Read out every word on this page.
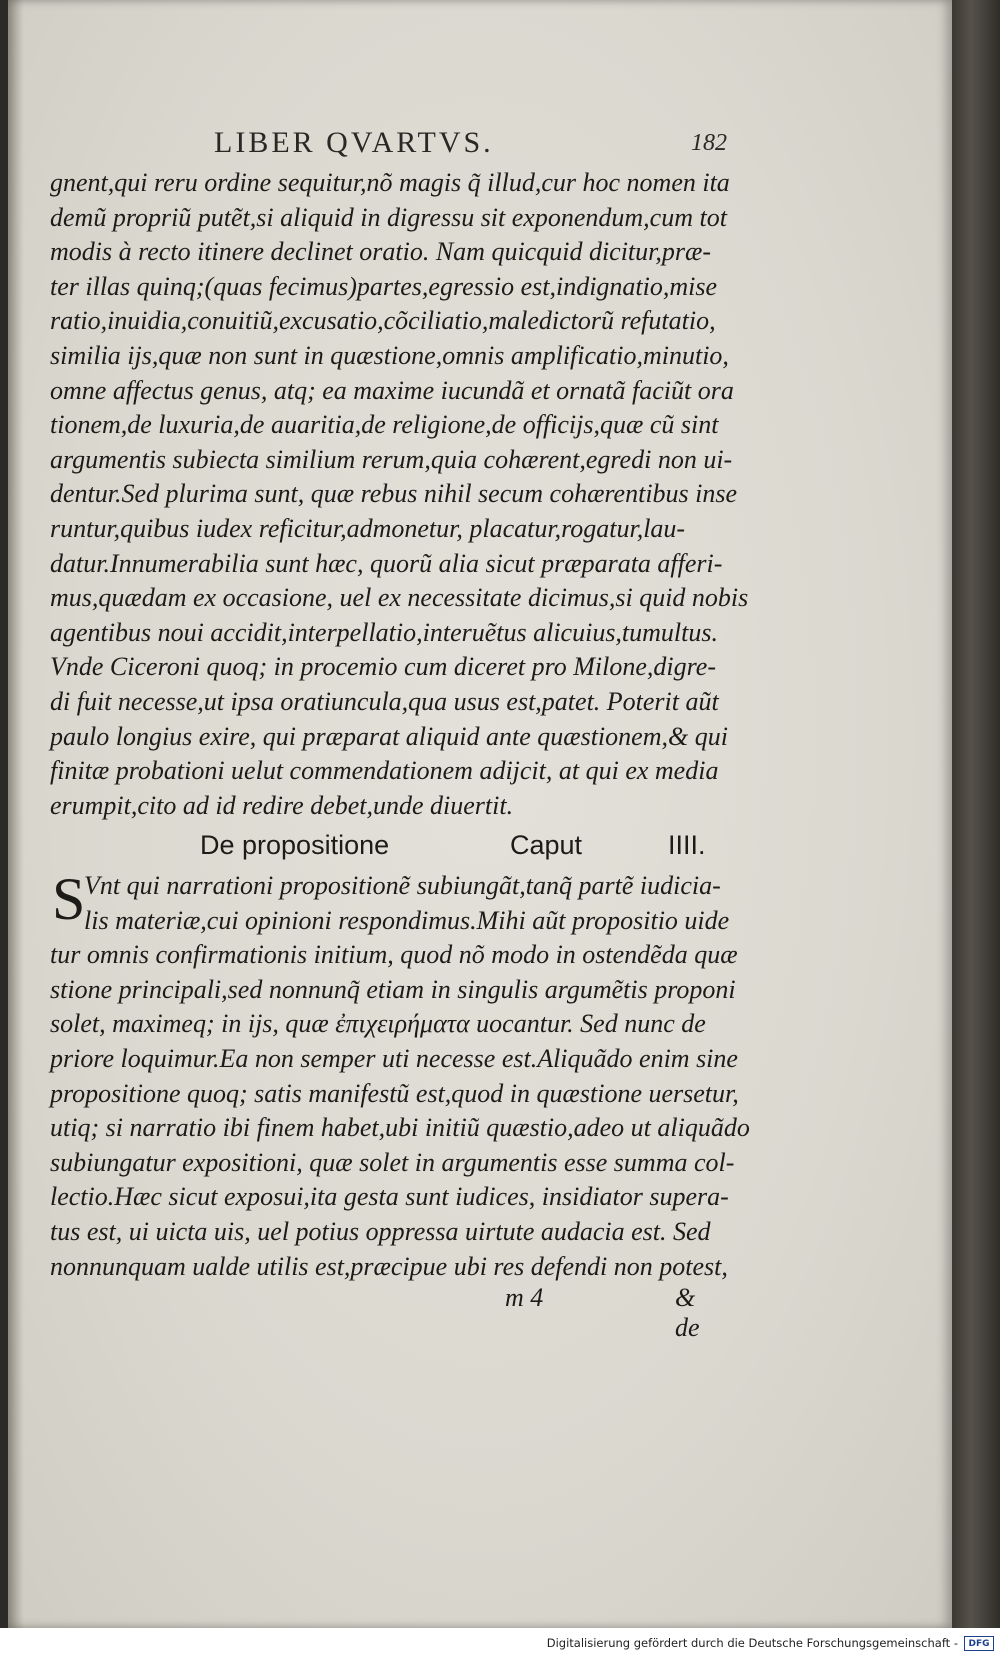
LIBER QVARTVS.	182
gnent,qui reru ordine sequitur,nõ magis q̃ illud,cur hoc nomen ita
demũ propriũ putẽt,si aliquid in digressu sit exponendum,cum tot
modis à recto itinere declinet oratio. Nam quicquid dicitur,præ-
ter illas quinq;(quas fecimus)partes,egressio est,indignatio,mise
ratio,inuidia,conuitiũ,excusatio,cõciliatio,maledictorũ refutatio,
similia ijs,quæ non sunt in quæstione,omnis amplificatio,minutio,
omne affectus genus, atq; ea maxime iucundã et ornatã faciũt ora
tionem,de luxuria,de auaritia,de religione,de officijs,quæ cũ sint
argumentis subiecta similium rerum,quia cohærent,egredi non ui-
dentur.Sed plurima sunt, quæ rebus nihil secum cohærentibus inse
runtur,quibus iudex reficitur,admonetur, placatur,rogatur,lau-
datur.Innumerabilia sunt hæc, quorũ alia sicut præparata afferi-
mus,quædam ex occasione, uel ex necessitate dicimus,si quid nobis
agentibus noui accidit,interpellatio,interuẽtus alicuius,tumultus.
Vnde Ciceroni quoq; in procemio cum diceret pro Milone,digre-
di fuit necesse,ut ipsa oratiuncula,qua usus est,patet. Poterit aũt
paulo longius exire, qui præparat aliquid ante quæstionem,& qui
finitæ probationi uelut commendationem adijcit, at qui ex media
erumpit,cito ad id redire debet,unde diuertit.
De propositione	Caput	IIII.
S
Vnt qui narrationi propositionẽ subiungãt,tanq̃ partẽ iudicia-
lis materiæ,cui opinioni respondimus.Mihi aũt propositio uide
tur omnis confirmationis initium, quod nõ modo in ostendẽda quæ
stione principali,sed nonnunq̃ etiam in singulis argumẽtis proponi
solet, maximeq; in ijs, quæ ἐπιχειρήματα uocantur. Sed nunc de
priore loquimur.Ea non semper uti necesse est.Aliquãdo enim sine
propositione quoq; satis manifestũ est,quod in quæstione uersetur,
utiq; si narratio ibi finem habet,ubi initiũ quæstio,adeo ut aliquãdo
subiungatur expositioni, quæ solet in argumentis esse summa col-
lectio.Hæc sicut exposui,ita gesta sunt iudices, insidiator supera-
tus est, ui uicta uis, uel potius oppressa uirtute audacia est. Sed
nonnunquam ualde utilis est,præcipue ubi res defendi non potest,
m 4	& de
Digitalisierung gefördert durch die Deutsche Forschungsgemeinschaft -	DFG
